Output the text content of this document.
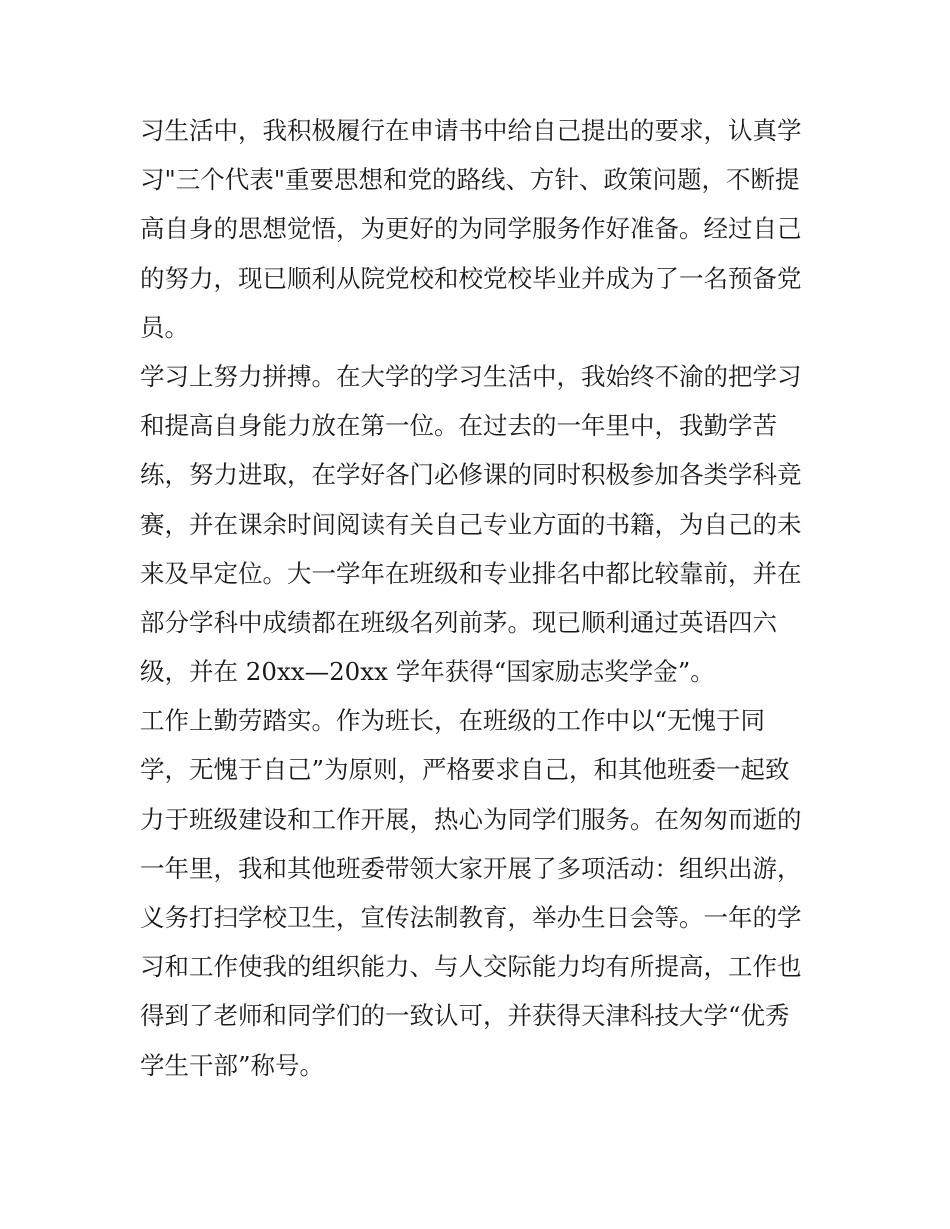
习生活中，我积极履行在申请书中给自己提出的要求，认真学
习"三个代表"重要思想和党的路线、方针、政策问题，不断提
高自身的思想觉悟，为更好的为同学服务作好准备。经过自己
的努力，现已顺利从院党校和校党校毕业并成为了一名预备党
员。
学习上努力拼搏。在大学的学习生活中，我始终不渝的把学习
和提高自身能力放在第一位。在过去的一年里中，我勤学苦
练，努力进取，在学好各门必修课的同时积极参加各类学科竞
赛，并在课余时间阅读有关自己专业方面的书籍，为自己的未
来及早定位。大一学年在班级和专业排名中都比较靠前，并在
部分学科中成绩都在班级名列前茅。现已顺利通过英语四六
级，并在 20xx—20xx 学年获得“国家励志奖学金”。
工作上勤劳踏实。作为班长，在班级的工作中以“无愧于同
学，无愧于自己”为原则，严格要求自己，和其他班委一起致
力于班级建设和工作开展，热心为同学们服务。在匆匆而逝的
一年里，我和其他班委带领大家开展了多项活动：组织出游，
义务打扫学校卫生，宣传法制教育，举办生日会等。一年的学
习和工作使我的组织能力、与人交际能力均有所提高，工作也
得到了老师和同学们的一致认可，并获得天津科技大学“优秀
学生干部”称号。
